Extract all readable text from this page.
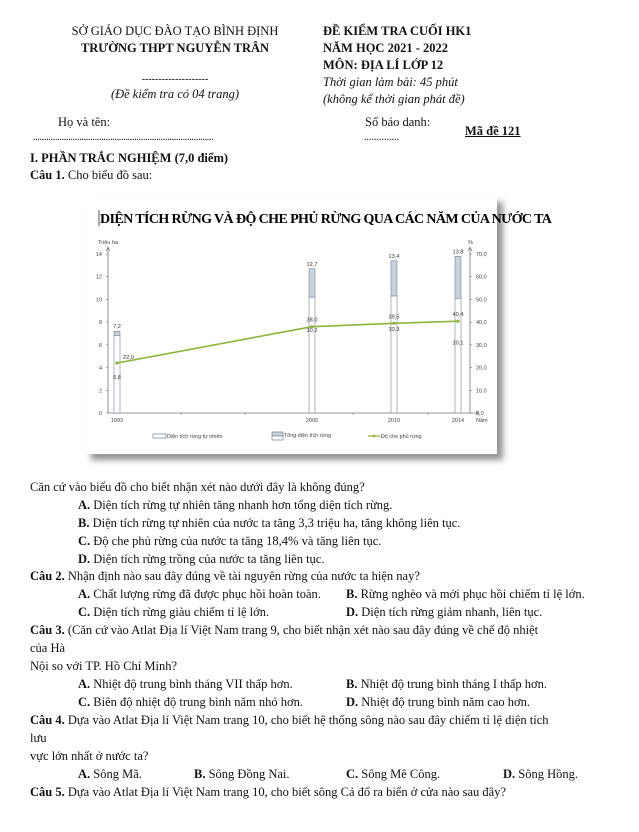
SỞ GIÁO DỤC ĐÀO TẠO BÌNH ĐỊNH
TRƯỜNG THPT NGUYỄN TRÂN
--------------------
(Đề kiểm tra có 04 trang)
ĐỀ KIỂM TRA CUỐI HK1
NĂM HỌC 2021 - 2022
MÔN: ĐỊA LÍ LỚP 12
Thời gian làm bài: 45 phút
(không kể thời gian phát đề)
Họ và tên:	Số báo danh:
..................................................................................	..............	Mã đề 121
I. PHẦN TRẮC NGHIỆM (7,0 điểm)
Câu 1. Cho biểu đồ sau:
DIỆN TÍCH RỪNG VÀ ĐỘ CHE PHỦ RỪNG QUA CÁC NĂM CỦA NƯỚC TA
Triệu ha
0
2
4
6
8
10
12
14
%
0,0
10,0
20,0
30,0
40,0
50,0
60,0
70,0
1993	2005	2010	2014 Năm
7,2
6,8
22,0
12,7
10,2
38,0
13,4
10,3
39,5
13,8
10,1
40,4
Diện tích rừng tự nhiên	Tổng diện tích rừng	Độ che phủ rừng
Căn cứ vào biểu đồ cho biết nhận xét nào dưới đây là không đúng?
A. Diện tích rừng tự nhiên tăng nhanh hơn tổng diện tích rừng.
B. Diện tích rừng tự nhiên của nước ta tăng 3,3 triệu ha, tăng không liên tục.
C. Độ che phủ rừng của nước ta tăng 18,4% và tăng liên tục.
D. Diện tích rừng trồng của nước ta tăng liên tục.
Câu 2. Nhận định nào sau đây đúng về tài nguyên rừng của nước ta hiện nay?
A. Chất lượng rừng đã được phục hồi hoàn toàn. B. Rừng nghèo và mới phục hồi chiếm tỉ lệ lớn.
C. Diện tích rừng giàu chiếm tỉ lệ lớn.	D. Diện tích rừng giảm nhanh, liên tục.
Câu 3. (Căn cứ vào Atlat Địa lí Việt Nam trang 9, cho biết nhận xét nào sau đây đúng về chế độ nhiệt
của Hà
Nội so với TP. Hồ Chí Minh?
A. Nhiệt độ trung bình tháng VII thấp hơn.	B. Nhiệt độ trung bình tháng I thấp hơn.
C. Biên độ nhiệt độ trung bình năm nhỏ hơn.	D. Nhiệt độ trung bình năm cao hơn.
Câu 4. Dựa vào Atlat Địa lí Việt Nam trang 10, cho biết hệ thống sông nào sau đây chiếm tỉ lệ diện tích
lưu
vực lớn nhất ở nước ta?
A. Sông Mã.	B. Sông Đồng Nai.	C. Sông Mê Công.	D. Sông Hồng.
Câu 5. Dựa vào Atlat Địa lí Việt Nam trang 10, cho biết sông Cả đổ ra biển ở cửa nào sau đây?
